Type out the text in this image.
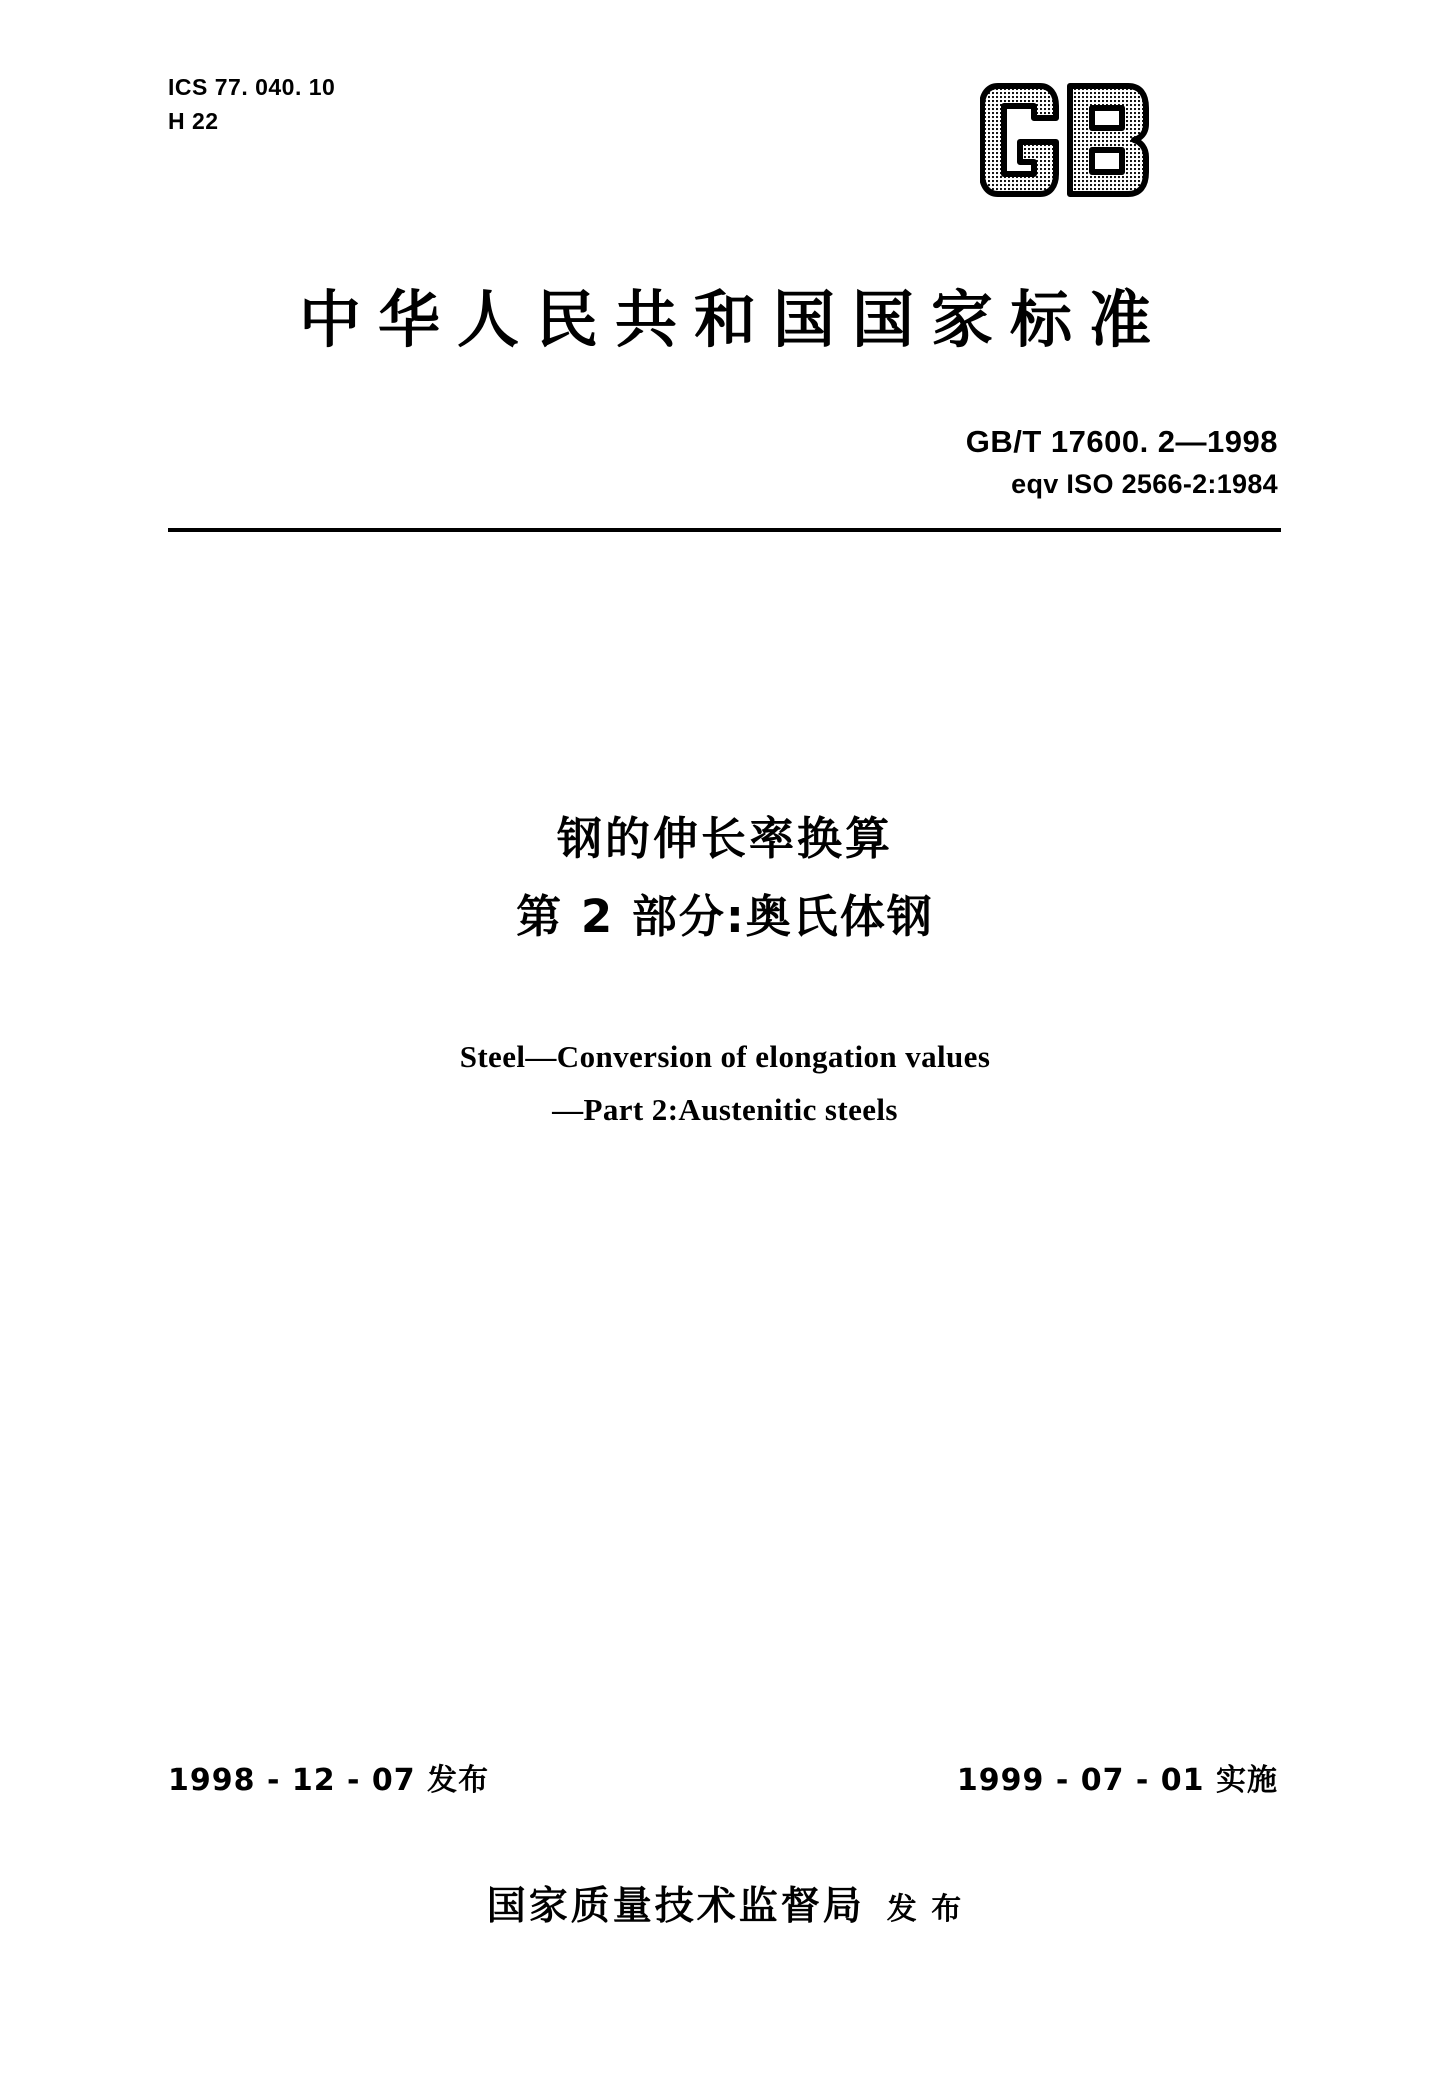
ICS 77. 040. 10
H 22
中华人民共和国国家标准
GB/T 17600. 2—1998
eqv ISO 2566-2:1984
钢的伸长率换算
第 2 部分:奥氏体钢
Steel—Conversion of elongation values
—Part 2:Austenitic steels
1998 - 12 - 07 发布	1999 - 07 - 01 实施
国家质量技术监督局 发 布
